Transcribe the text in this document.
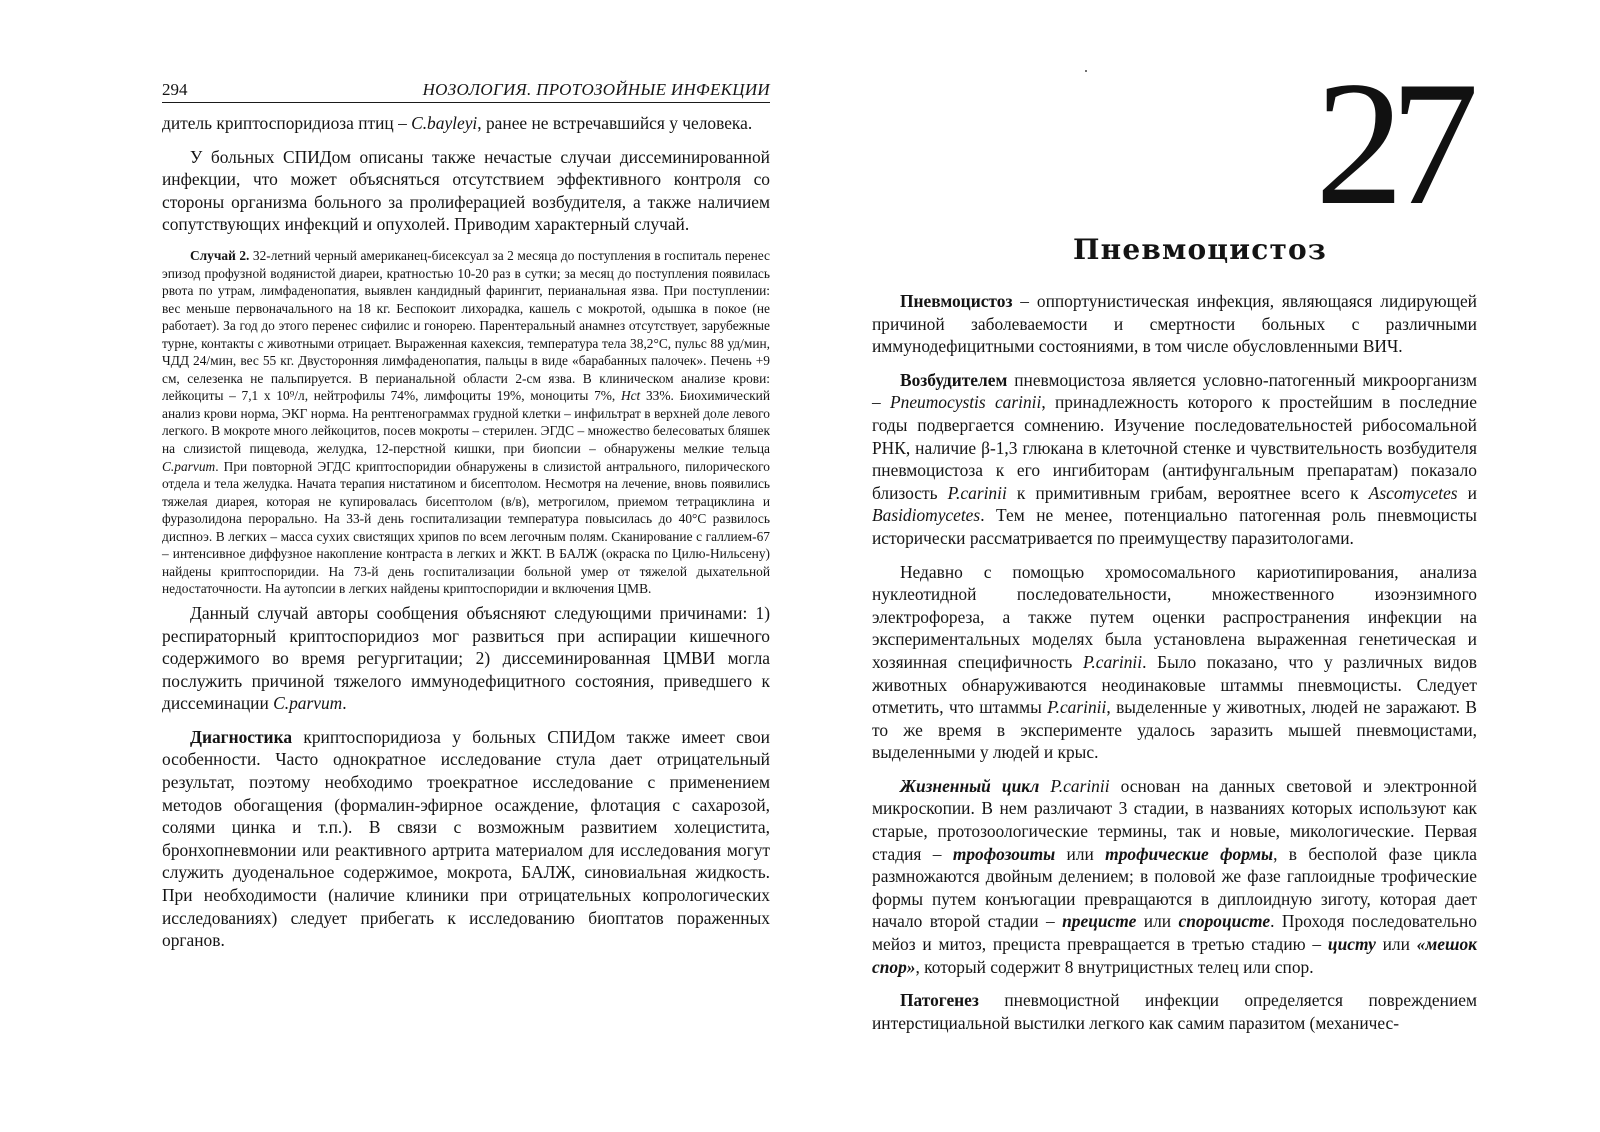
294	НОЗОЛОГИЯ. ПРОТОЗОЙНЫЕ ИНФЕКЦИИ

дитель криптоспоридиоза птиц – C.bayleyi, ранее не встречавшийся у человека.

У больных СПИДом описаны также нечастые случаи диссеминированной инфекции, что может объясняться отсутствием эффективного контроля со стороны организма больного за пролиферацией возбудителя, а также наличием сопутствующих инфекций и опухолей. Приводим характерный случай.

Случай 2. 32-летний черный американец-бисексуал за 2 месяца до поступления в госпиталь перенес эпизод профузной водянистой диареи, кратностью 10-20 раз в сутки; за месяц до поступления появилась рвота по утрам, лимфаденопатия, выявлен кандидный фарингит, перианальная язва. При поступлении: вес меньше первоначального на 18 кг. Беспокоит лихорадка, кашель с мокротой, одышка в покое (не работает). За год до этого перенес сифилис и гонорею. Парентеральный анамнез отсутствует, зарубежные турне, контакты с животными отрицает. Выраженная кахексия, температура тела 38,2°С, пульс 88 уд/мин, ЧДД 24/мин, вес 55 кг. Двусторонняя лимфаденопатия, пальцы в виде «барабанных палочек». Печень +9 см, селезенка не пальпируется. В перианальной области 2-см язва. В клиническом анализе крови: лейкоциты – 7,1 х 10⁹/л, нейтрофилы 74%, лимфоциты 19%, моноциты 7%, Hct 33%. Биохимический анализ крови норма, ЭКГ норма. На рентгенограммах грудной клетки – инфильтрат в верхней доле левого легкого. В мокроте много лейкоцитов, посев мокроты – стерилен. ЭГДС – множество белесоватых бляшек на слизистой пищевода, желудка, 12-перстной кишки, при биопсии – обнаружены мелкие тельца C.parvum. При повторной ЭГДС криптоспоридии обнаружены в слизистой антрального, пилорического отдела и тела желудка. Начата терапия нистатином и бисептолом. Несмотря на лечение, вновь появились тяжелая диарея, которая не купировалась бисептолом (в/в), метрогилом, приемом тетрациклина и фуразолидона перорально. На 33-й день госпитализации температура повысилась до 40°С развилось диспноэ. В легких – масса сухих свистящих хрипов по всем легочным полям. Сканирование с галлием-67 – интенсивное диффузное накопление контраста в легких и ЖКТ. В БАЛЖ (окраска по Цилю-Нильсену) найдены криптоспоридии. На 73-й день госпитализации больной умер от тяжелой дыхательной недостаточности. На аутопсии в легких найдены криптоспоридии и включения ЦМВ.

Данный случай авторы сообщения объясняют следующими причинами: 1) респираторный криптоспоридиоз мог развиться при аспирации кишечного содержимого во время регургитации; 2) диссеминированная ЦМВИ могла послужить причиной тяжелого иммунодефицитного состояния, приведшего к диссеминации C.parvum.

Диагностика криптоспоридиоза у больных СПИДом также имеет свои особенности. Часто однократное исследование стула дает отрицательный результат, поэтому необходимо троекратное исследование с применением методов обогащения (формалин-эфирное осаждение, флотация с сахарозой, солями цинка и т.п.). В связи с возможным развитием холецистита, бронхопневмонии или реактивного артрита материалом для исследования могут служить дуоденальное содержимое, мокрота, БАЛЖ, синовиальная жидкость. При необходимости (наличие клиники при отрицательных копрологических исследованиях) следует прибегать к исследованию биоптатов пораженных органов.

27
Пневмоцистоз

Пневмоцистоз – оппортунистическая инфекция, являющаяся лидирующей причиной заболеваемости и смертности больных с различными иммунодефицитными состояниями, в том числе обусловленными ВИЧ.

Возбудителем пневмоцистоза является условно-патогенный микроорганизм – Pneumocystis carinii, принадлежность которого к простейшим в последние годы подвергается сомнению. Изучение последовательностей рибосомальной РНК, наличие β-1,3 глюкана в клеточной стенке и чувствительность возбудителя пневмоцистоза к его ингибиторам (антифунгальным препаратам) показало близость P.carinii к примитивным грибам, вероятнее всего к Ascomycetes и Basidiomycetes. Тем не менее, потенциально патогенная роль пневмоцисты исторически рассматривается по преимуществу паразитологами.

Недавно с помощью хромосомального кариотипирования, анализа нуклеотидной последовательности, множественного изоэнзимного электрофореза, а также путем оценки распространения инфекции на экспериментальных моделях была установлена выраженная генетическая и хозяинная специфичность P.carinii. Было показано, что у различных видов животных обнаруживаются неодинаковые штаммы пневмоцисты. Следует отметить, что штаммы P.carinii, выделенные у животных, людей не заражают. В то же время в эксперименте удалось заразить мышей пневмоцистами, выделенными у людей и крыс.

Жизненный цикл P.carinii основан на данных световой и электронной микроскопии. В нем различают 3 стадии, в названиях которых используют как старые, протозоологические термины, так и новые, микологические. Первая стадия – трофозоиты или трофические формы, в бесполой фазе цикла размножаются двойным делением; в половой же фазе гаплоидные трофические формы путем конъюгации превращаются в диплоидную зиготу, которая дает начало второй стадии – прецисте или споpоцисте. Проходя последовательно мейоз и митоз, прециста превращается в третью стадию – цисту или «мешок спор», который содержит 8 внутрицистных телец или спор.

Патогенез пневмоцистной инфекции определяется повреждением интерстициальной выстилки легкого как самим паразитом (механичес-
